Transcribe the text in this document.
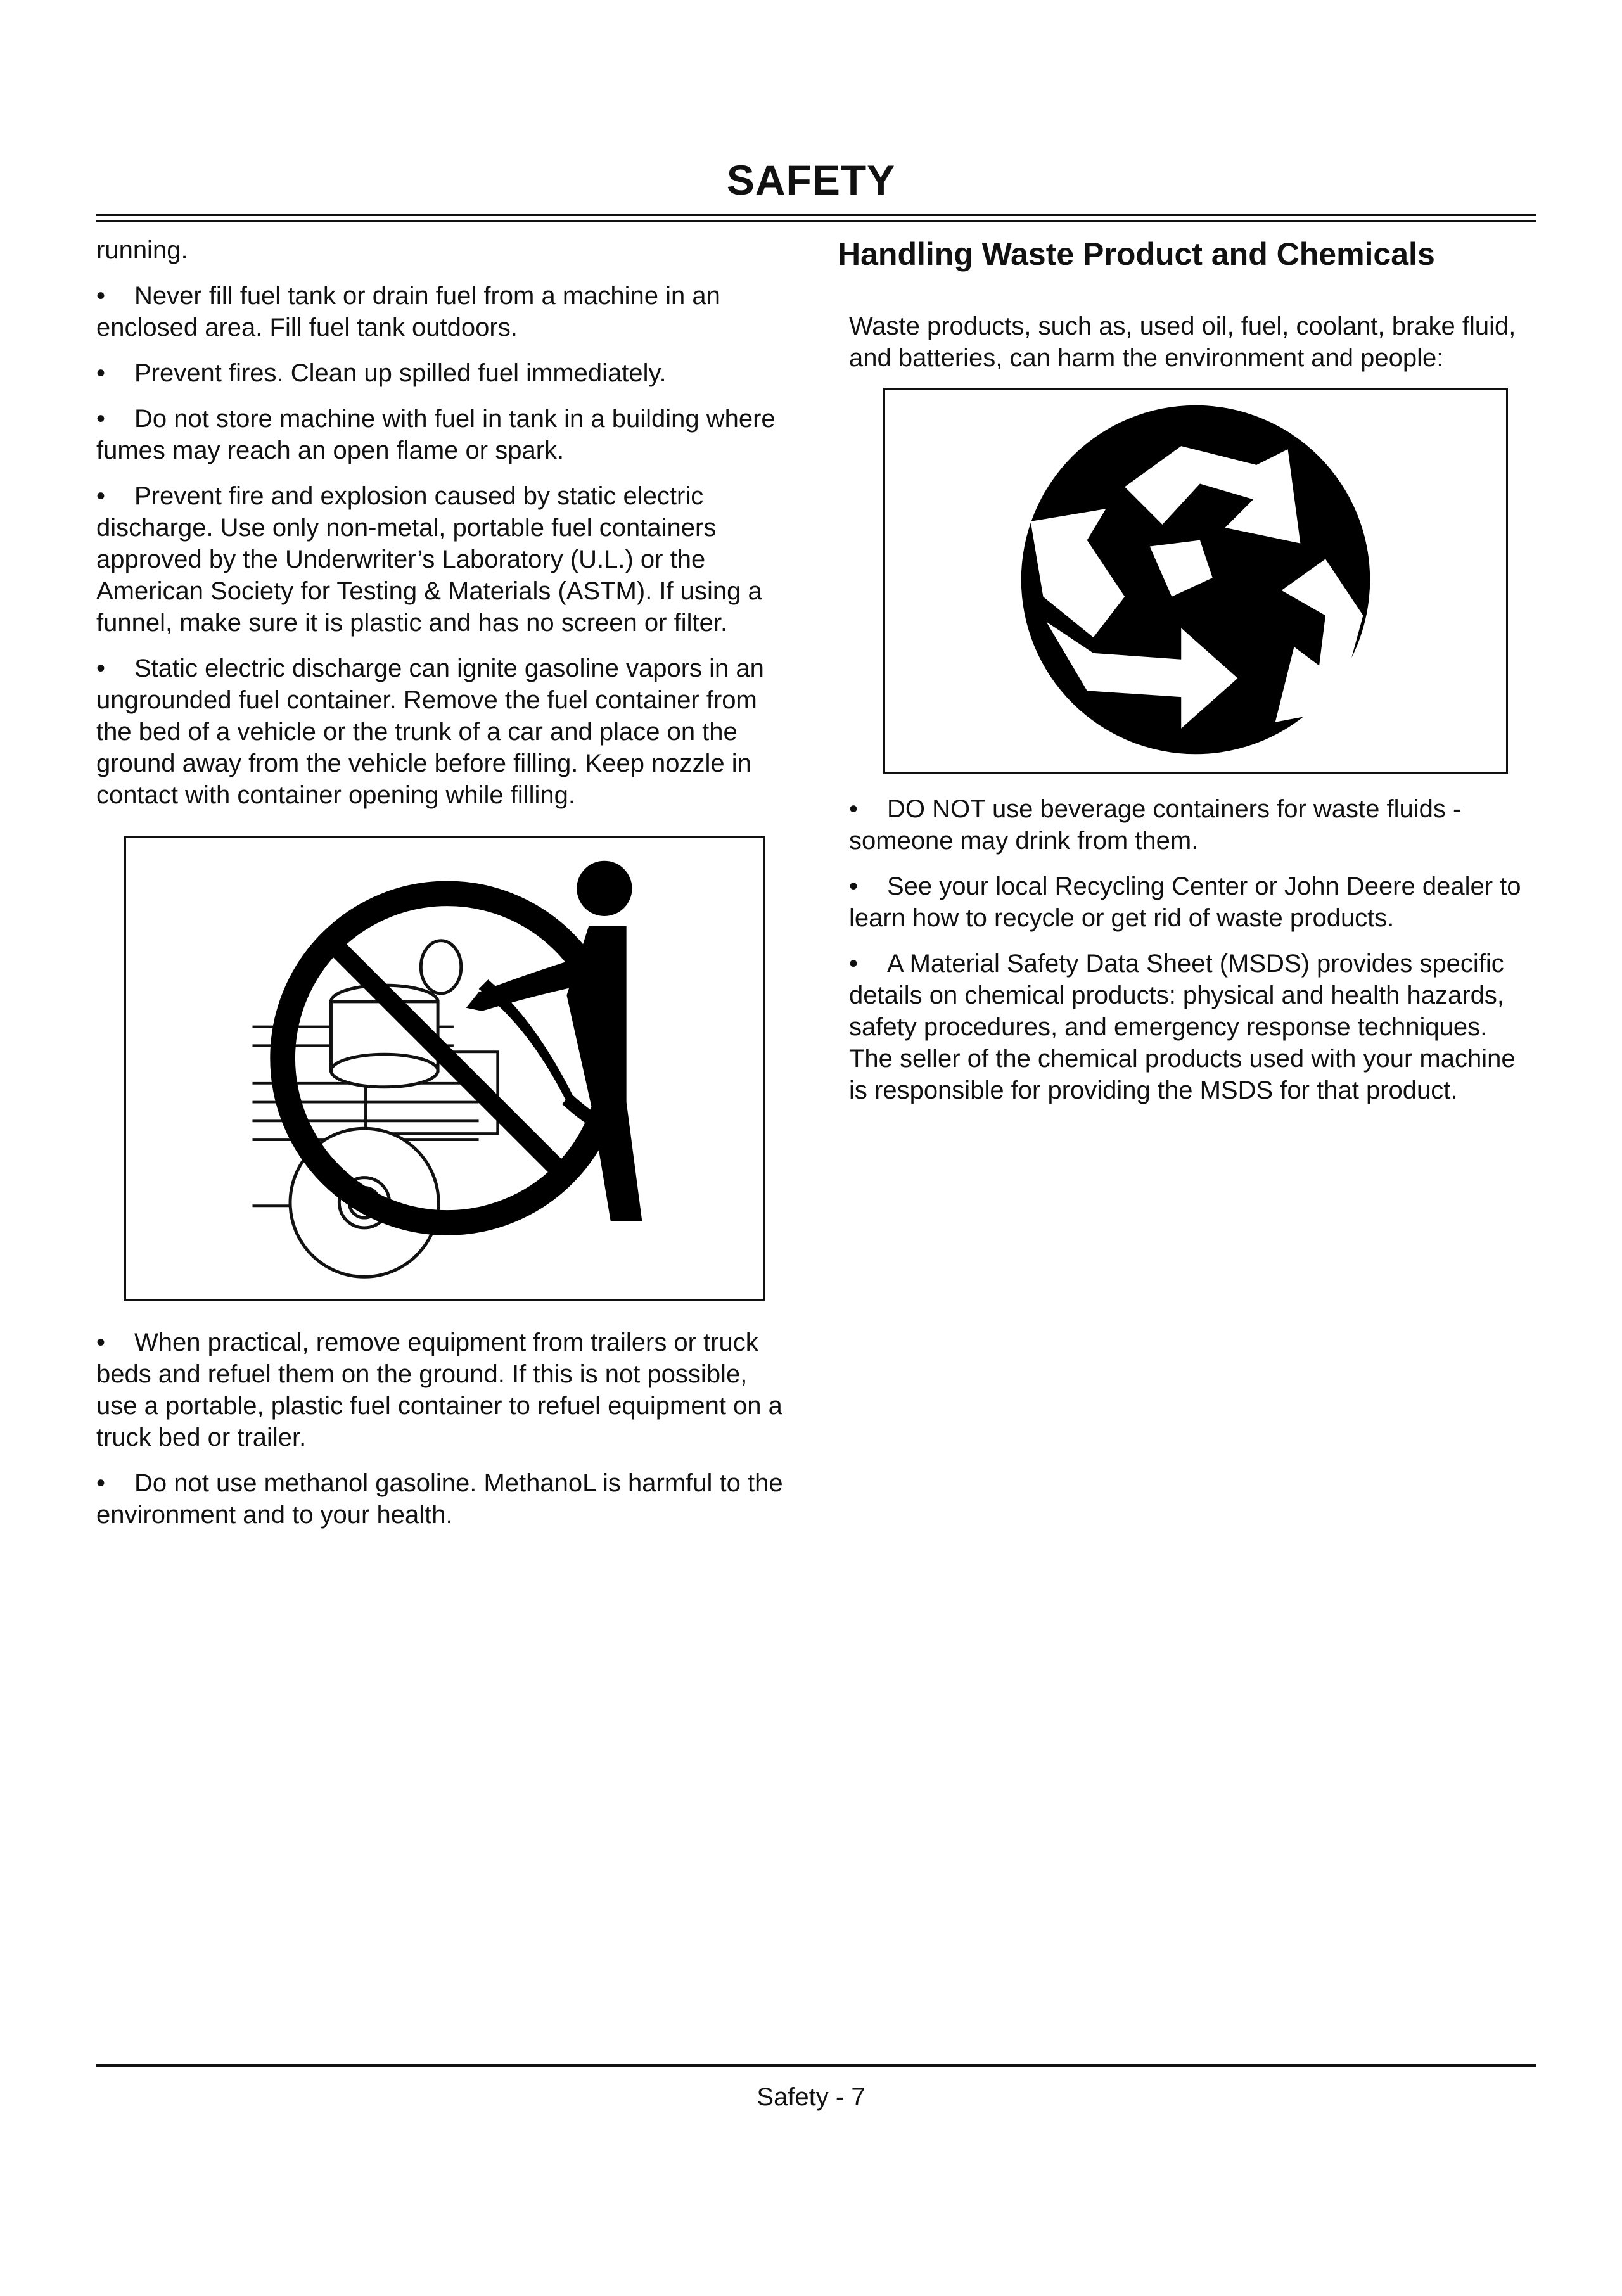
SAFETY

running.

• Never fill fuel tank or drain fuel from a machine in an enclosed area. Fill fuel tank outdoors.

• Prevent fires. Clean up spilled fuel immediately.

• Do not store machine with fuel in tank in a building where fumes may reach an open flame or spark.

• Prevent fire and explosion caused by static electric discharge. Use only non-metal, portable fuel containers approved by the Underwriter’s Laboratory (U.L.) or the American Society for Testing & Materials (ASTM). If using a funnel, make sure it is plastic and has no screen or filter.

• Static electric discharge can ignite gasoline vapors in an ungrounded fuel container. Remove the fuel container from the bed of a vehicle or the trunk of a car and place on the ground away from the vehicle before filling. Keep nozzle in contact with container opening while filling.

• When practical, remove equipment from trailers or truck beds and refuel them on the ground. If this is not possible, use a portable, plastic fuel container to refuel equipment on a truck bed or trailer.

• Do not use methanol gasoline. MethanoL is harmful to the environment and to your health.

Handling Waste Product and Chemicals

Waste products, such as, used oil, fuel, coolant, brake fluid, and batteries, can harm the environment and people:

• DO NOT use beverage containers for waste fluids - someone may drink from them.

• See your local Recycling Center or John Deere dealer to learn how to recycle or get rid of waste products.

• A Material Safety Data Sheet (MSDS) provides specific details on chemical products: physical and health hazards, safety procedures, and emergency response techniques. The seller of the chemical products used with your machine is responsible for providing the MSDS for that product.

Safety - 7
